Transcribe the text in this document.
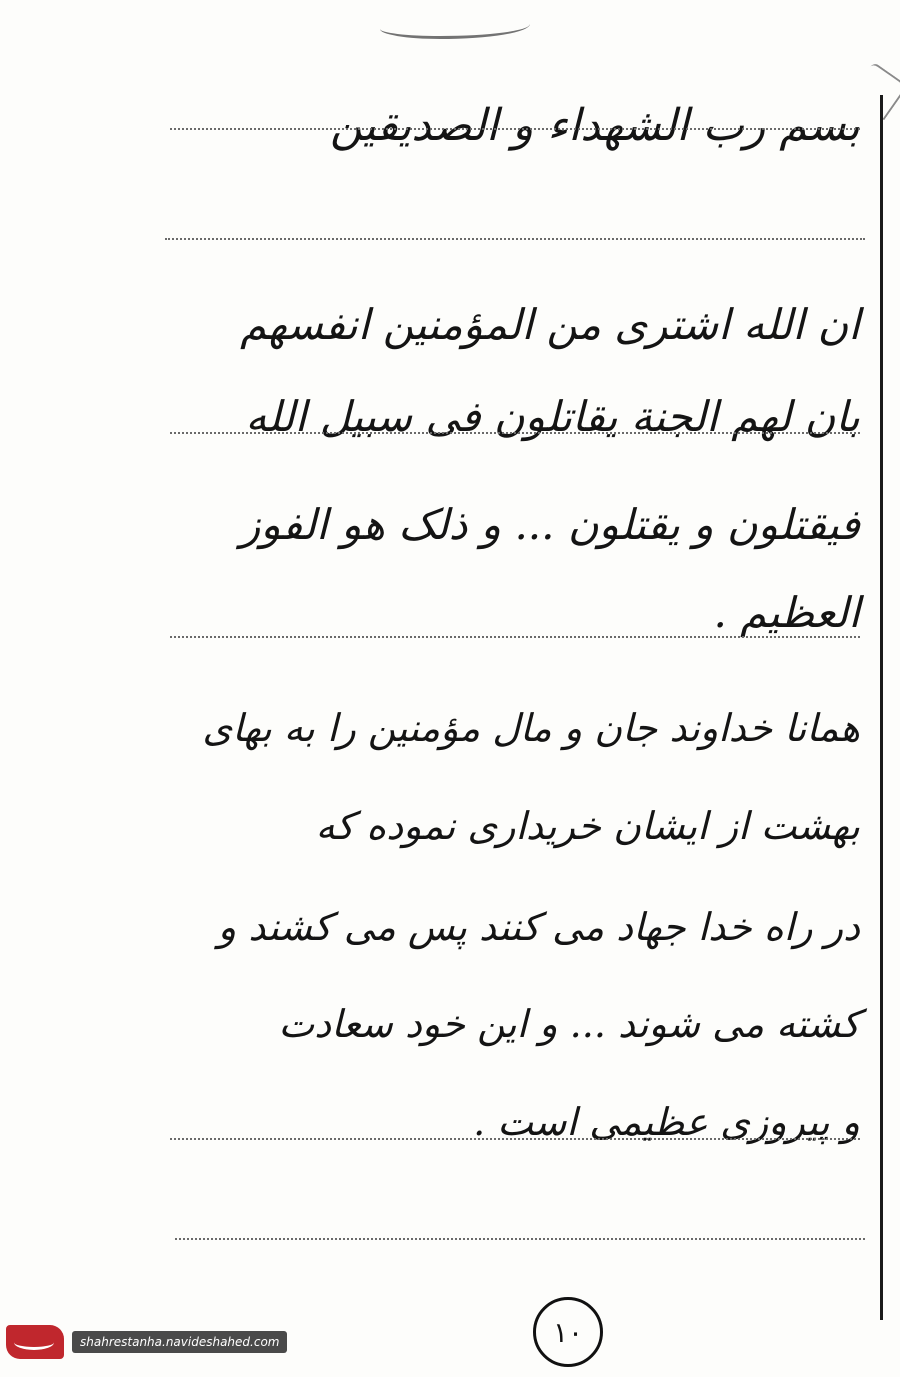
بسم رب الشهداء و الصدیقین
ان الله اشتری من المؤمنین انفسهم
بان لهم الجنة یقاتلون فی سبیل الله
فیقتلون و یقتلون ... و ذلک هو الفوز
العظیم .
همانا خداوند جان و مال مؤمنین را به بهای
بهشت از ایشان خریداری نموده که
در راه خدا جهاد می کنند پس می کشند و
کشته می شوند ... و این خود سعادت
و پیروزی عظیمی است .
۱۰
shahrestanha.navideshahed.com
